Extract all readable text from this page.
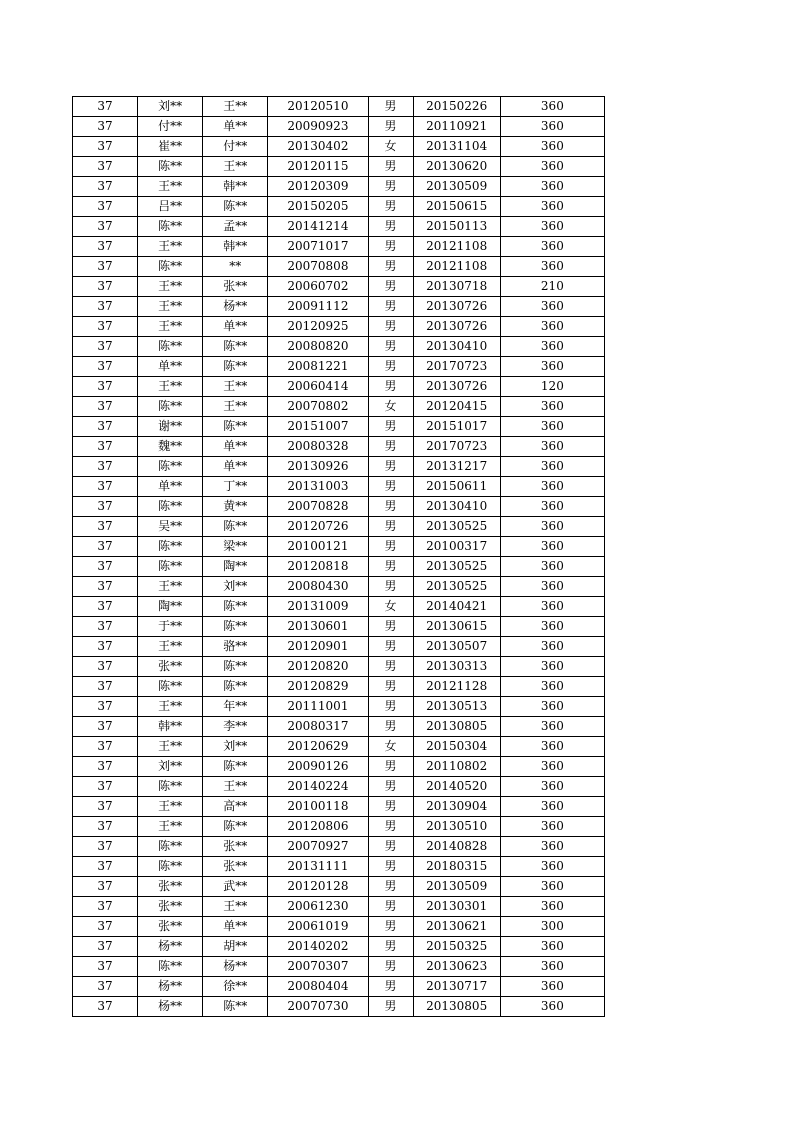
37	刘**	王**	20120510	男	20150226	360
37	付**	单**	20090923	男	20110921	360
37	崔**	付**	20130402	女	20131104	360
37	陈**	王**	20120115	男	20130620	360
37	王**	韩**	20120309	男	20130509	360
37	吕**	陈**	20150205	男	20150615	360
37	陈**	孟**	20141214	男	20150113	360
37	王**	韩**	20071017	男	20121108	360
37	陈**	**	20070808	男	20121108	360
37	王**	张**	20060702	男	20130718	210
37	王**	杨**	20091112	男	20130726	360
37	王**	单**	20120925	男	20130726	360
37	陈**	陈**	20080820	男	20130410	360
37	单**	陈**	20081221	男	20170723	360
37	王**	王**	20060414	男	20130726	120
37	陈**	王**	20070802	女	20120415	360
37	谢**	陈**	20151007	男	20151017	360
37	魏**	单**	20080328	男	20170723	360
37	陈**	单**	20130926	男	20131217	360
37	单**	丁**	20131003	男	20150611	360
37	陈**	黄**	20070828	男	20130410	360
37	吴**	陈**	20120726	男	20130525	360
37	陈**	梁**	20100121	男	20100317	360
37	陈**	陶**	20120818	男	20130525	360
37	王**	刘**	20080430	男	20130525	360
37	陶**	陈**	20131009	女	20140421	360
37	于**	陈**	20130601	男	20130615	360
37	王**	骆**	20120901	男	20130507	360
37	张**	陈**	20120820	男	20130313	360
37	陈**	陈**	20120829	男	20121128	360
37	王**	年**	20111001	男	20130513	360
37	韩**	李**	20080317	男	20130805	360
37	王**	刘**	20120629	女	20150304	360
37	刘**	陈**	20090126	男	20110802	360
37	陈**	王**	20140224	男	20140520	360
37	王**	高**	20100118	男	20130904	360
37	王**	陈**	20120806	男	20130510	360
37	陈**	张**	20070927	男	20140828	360
37	陈**	张**	20131111	男	20180315	360
37	张**	武**	20120128	男	20130509	360
37	张**	王**	20061230	男	20130301	360
37	张**	单**	20061019	男	20130621	300
37	杨**	胡**	20140202	男	20150325	360
37	陈**	杨**	20070307	男	20130623	360
37	杨**	徐**	20080404	男	20130717	360
37	杨**	陈**	20070730	男	20130805	360
